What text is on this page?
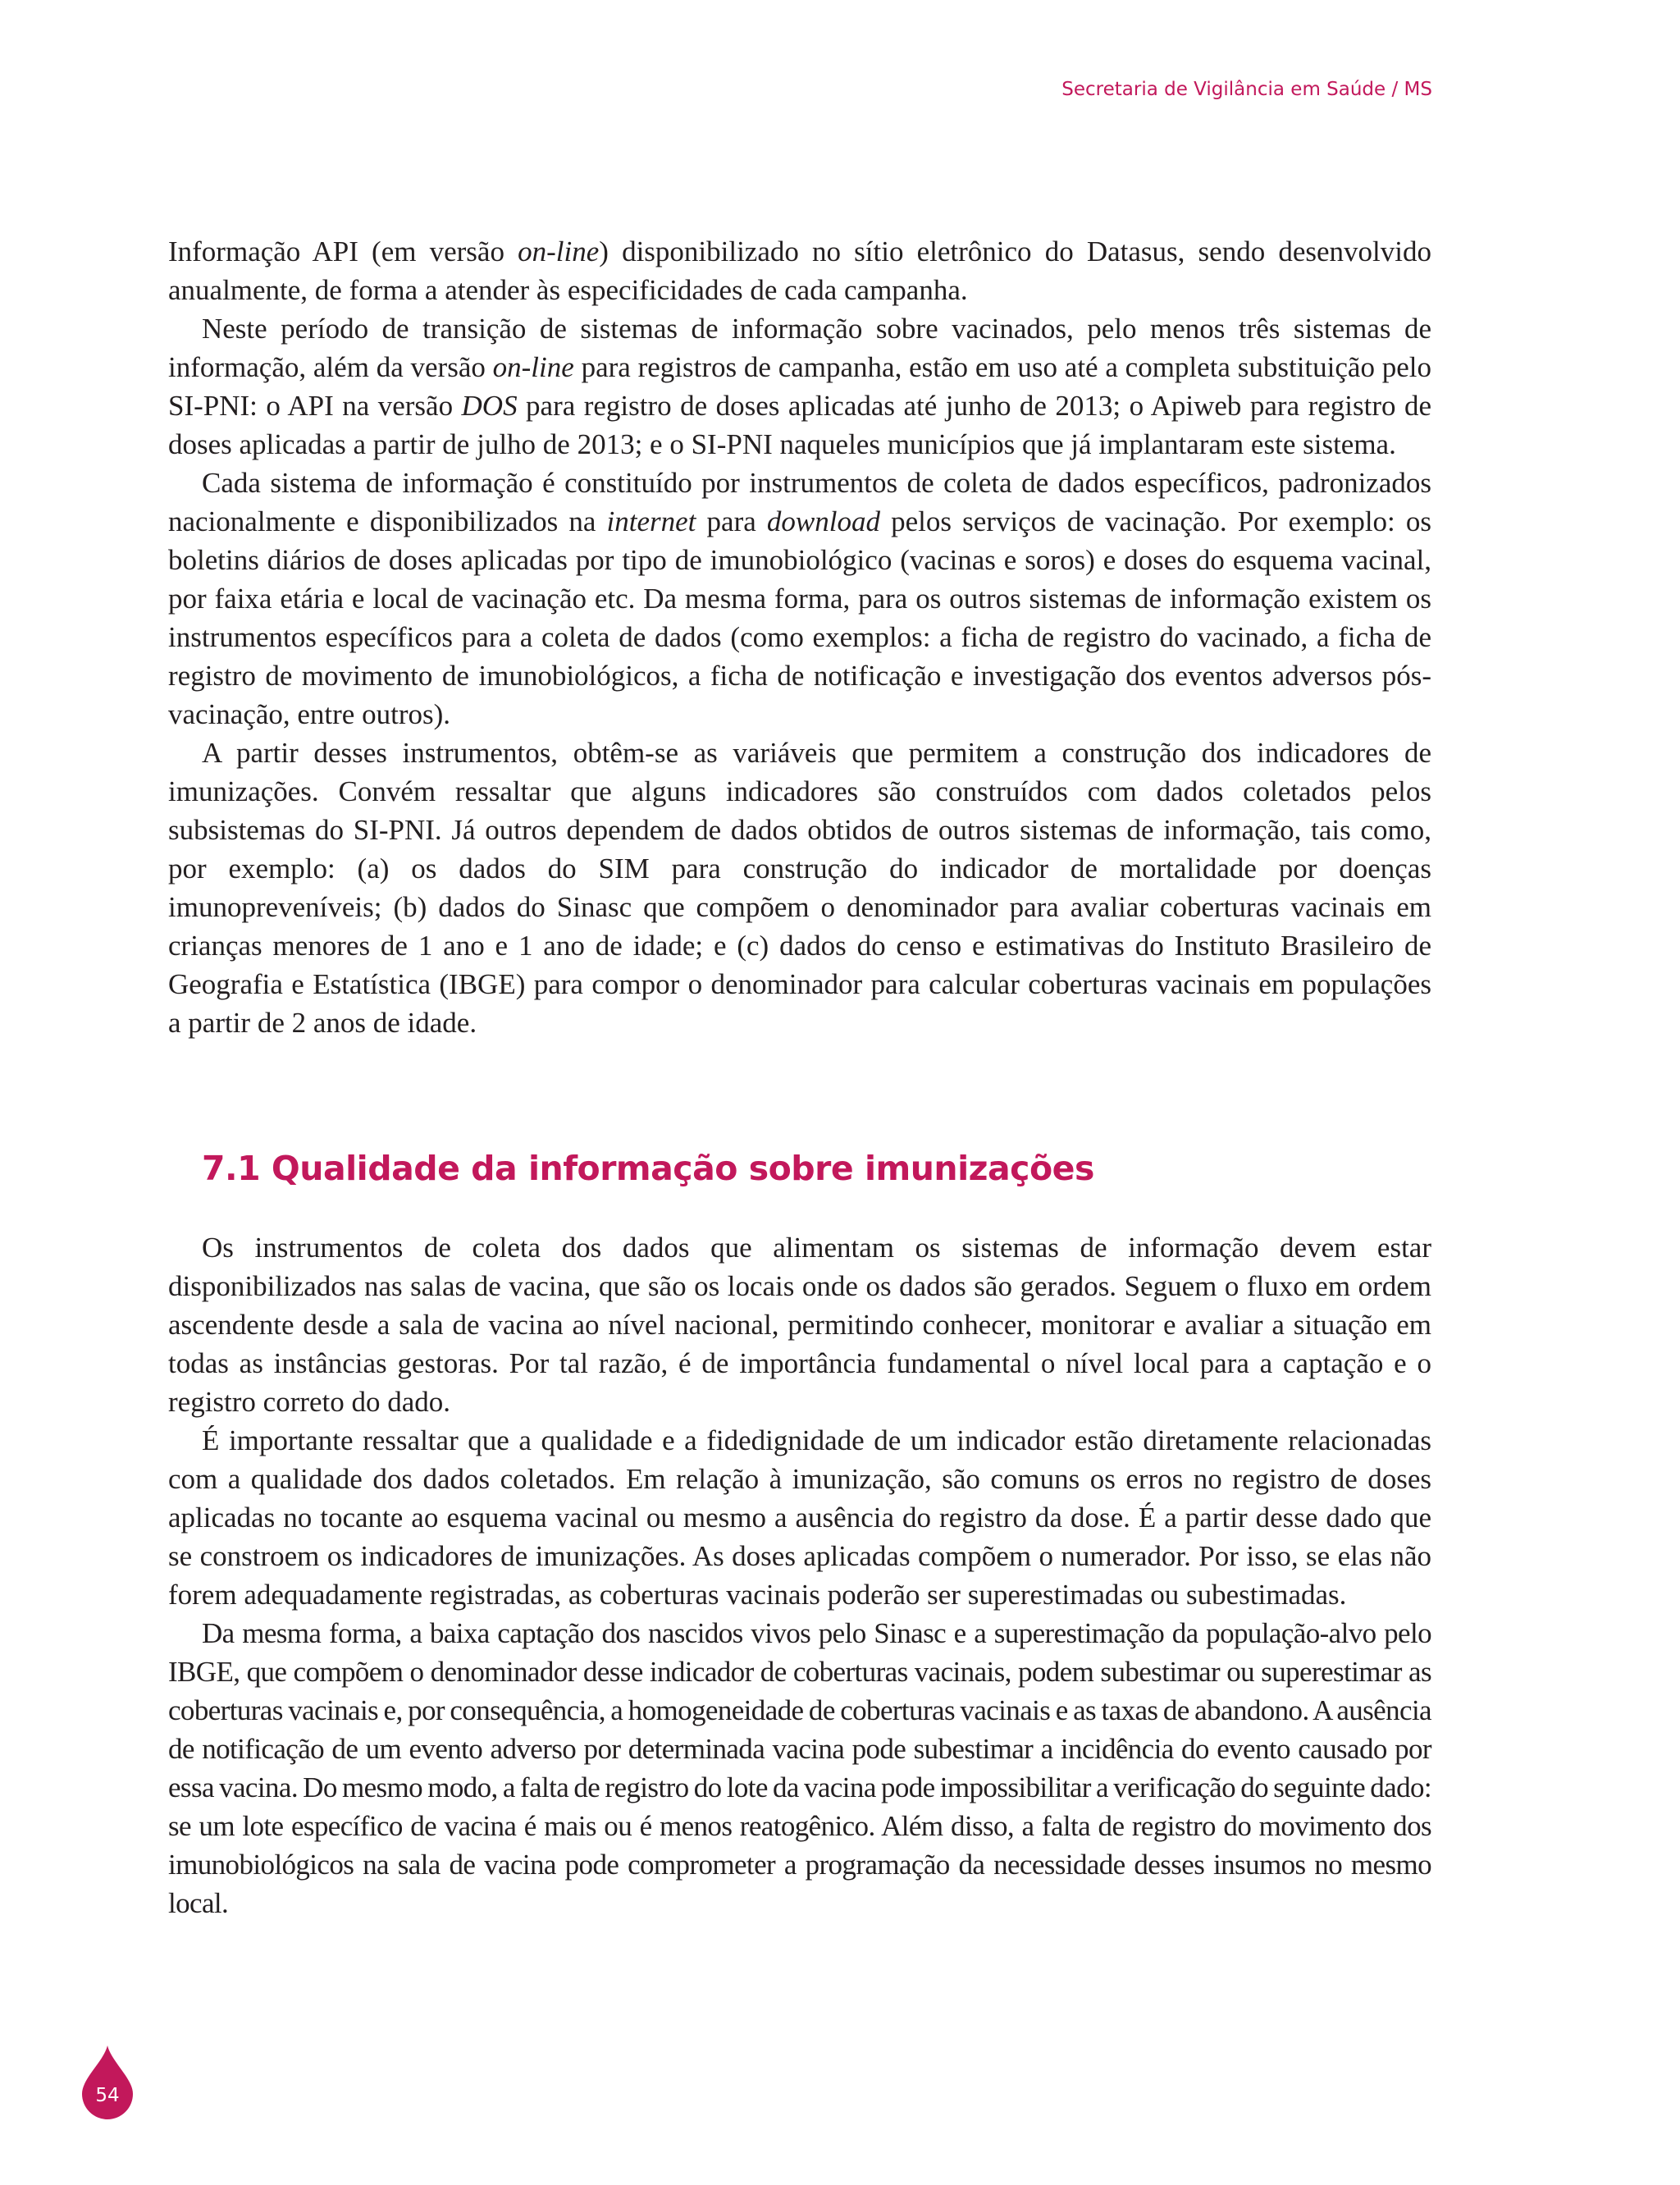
Secretaria de Vigilância em Saúde / MS

Informação API (em versão on-line) disponibilizado no sítio eletrônico do Datasus, sendo desenvolvido anualmente, de forma a atender às especificidades de cada campanha.

Neste período de transição de sistemas de informação sobre vacinados, pelo menos três sistemas de informação, além da versão on-line para registros de campanha, estão em uso até a completa substituição pelo SI-PNI: o API na versão DOS para registro de doses aplicadas até junho de 2013; o Apiweb para registro de doses aplicadas a partir de julho de 2013; e o SI-PNI naqueles municípios que já implantaram este sistema.

Cada sistema de informação é constituído por instrumentos de coleta de dados específicos, padronizados nacionalmente e disponibilizados na internet para download pelos serviços de vacinação. Por exemplo: os boletins diários de doses aplicadas por tipo de imunobiológico (vacinas e soros) e doses do esquema vacinal, por faixa etária e local de vacinação etc. Da mesma forma, para os outros sistemas de informação existem os instrumentos específicos para a coleta de dados (como exemplos: a ficha de registro do vacinado, a ficha de registro de movimento de imunobiológicos, a ficha de notificação e investigação dos eventos adversos pós-vacinação, entre outros).

A partir desses instrumentos, obtêm-se as variáveis que permitem a construção dos indicadores de imunizações. Convém ressaltar que alguns indicadores são construídos com dados coletados pelos subsistemas do SI-PNI. Já outros dependem de dados obtidos de outros sistemas de informação, tais como, por exemplo: (a) os dados do SIM para construção do indicador de mortalidade por doenças imunopreveníveis; (b) dados do Sinasc que compõem o denominador para avaliar coberturas vacinais em crianças menores de 1 ano e 1 ano de idade; e (c) dados do censo e estimativas do Instituto Brasileiro de Geografia e Estatística (IBGE) para compor o denominador para calcular coberturas vacinais em populações a partir de 2 anos de idade.

7.1 Qualidade da informação sobre imunizações

Os instrumentos de coleta dos dados que alimentam os sistemas de informação devem estar disponibilizados nas salas de vacina, que são os locais onde os dados são gerados. Seguem o fluxo em ordem ascendente desde a sala de vacina ao nível nacional, permitindo conhecer, monitorar e avaliar a situação em todas as instâncias gestoras. Por tal razão, é de importância fundamental o nível local para a captação e o registro correto do dado.

É importante ressaltar que a qualidade e a fidedignidade de um indicador estão diretamente relacionadas com a qualidade dos dados coletados. Em relação à imunização, são comuns os erros no registro de doses aplicadas no tocante ao esquema vacinal ou mesmo a ausência do registro da dose. É a partir desse dado que se constroem os indicadores de imunizações. As doses aplicadas compõem o numerador. Por isso, se elas não forem adequadamente registradas, as coberturas vacinais poderão ser superestimadas ou subestimadas.

Da mesma forma, a baixa captação dos nascidos vivos pelo Sinasc e a superestimação da população-alvo pelo IBGE, que compõem o denominador desse indicador de coberturas vacinais, podem subestimar ou superestimar as coberturas vacinais e, por consequência, a homogeneidade de coberturas vacinais e as taxas de abandono. A ausência de notificação de um evento adverso por determinada vacina pode subestimar a incidência do evento causado por essa vacina. Do mesmo modo, a falta de registro do lote da vacina pode impossibilitar a verificação do seguinte dado: se um lote específico de vacina é mais ou é menos reatogênico. Além disso, a falta de registro do movimento dos imunobiológicos na sala de vacina pode comprometer a programação da necessidade desses insumos no mesmo local.

54
